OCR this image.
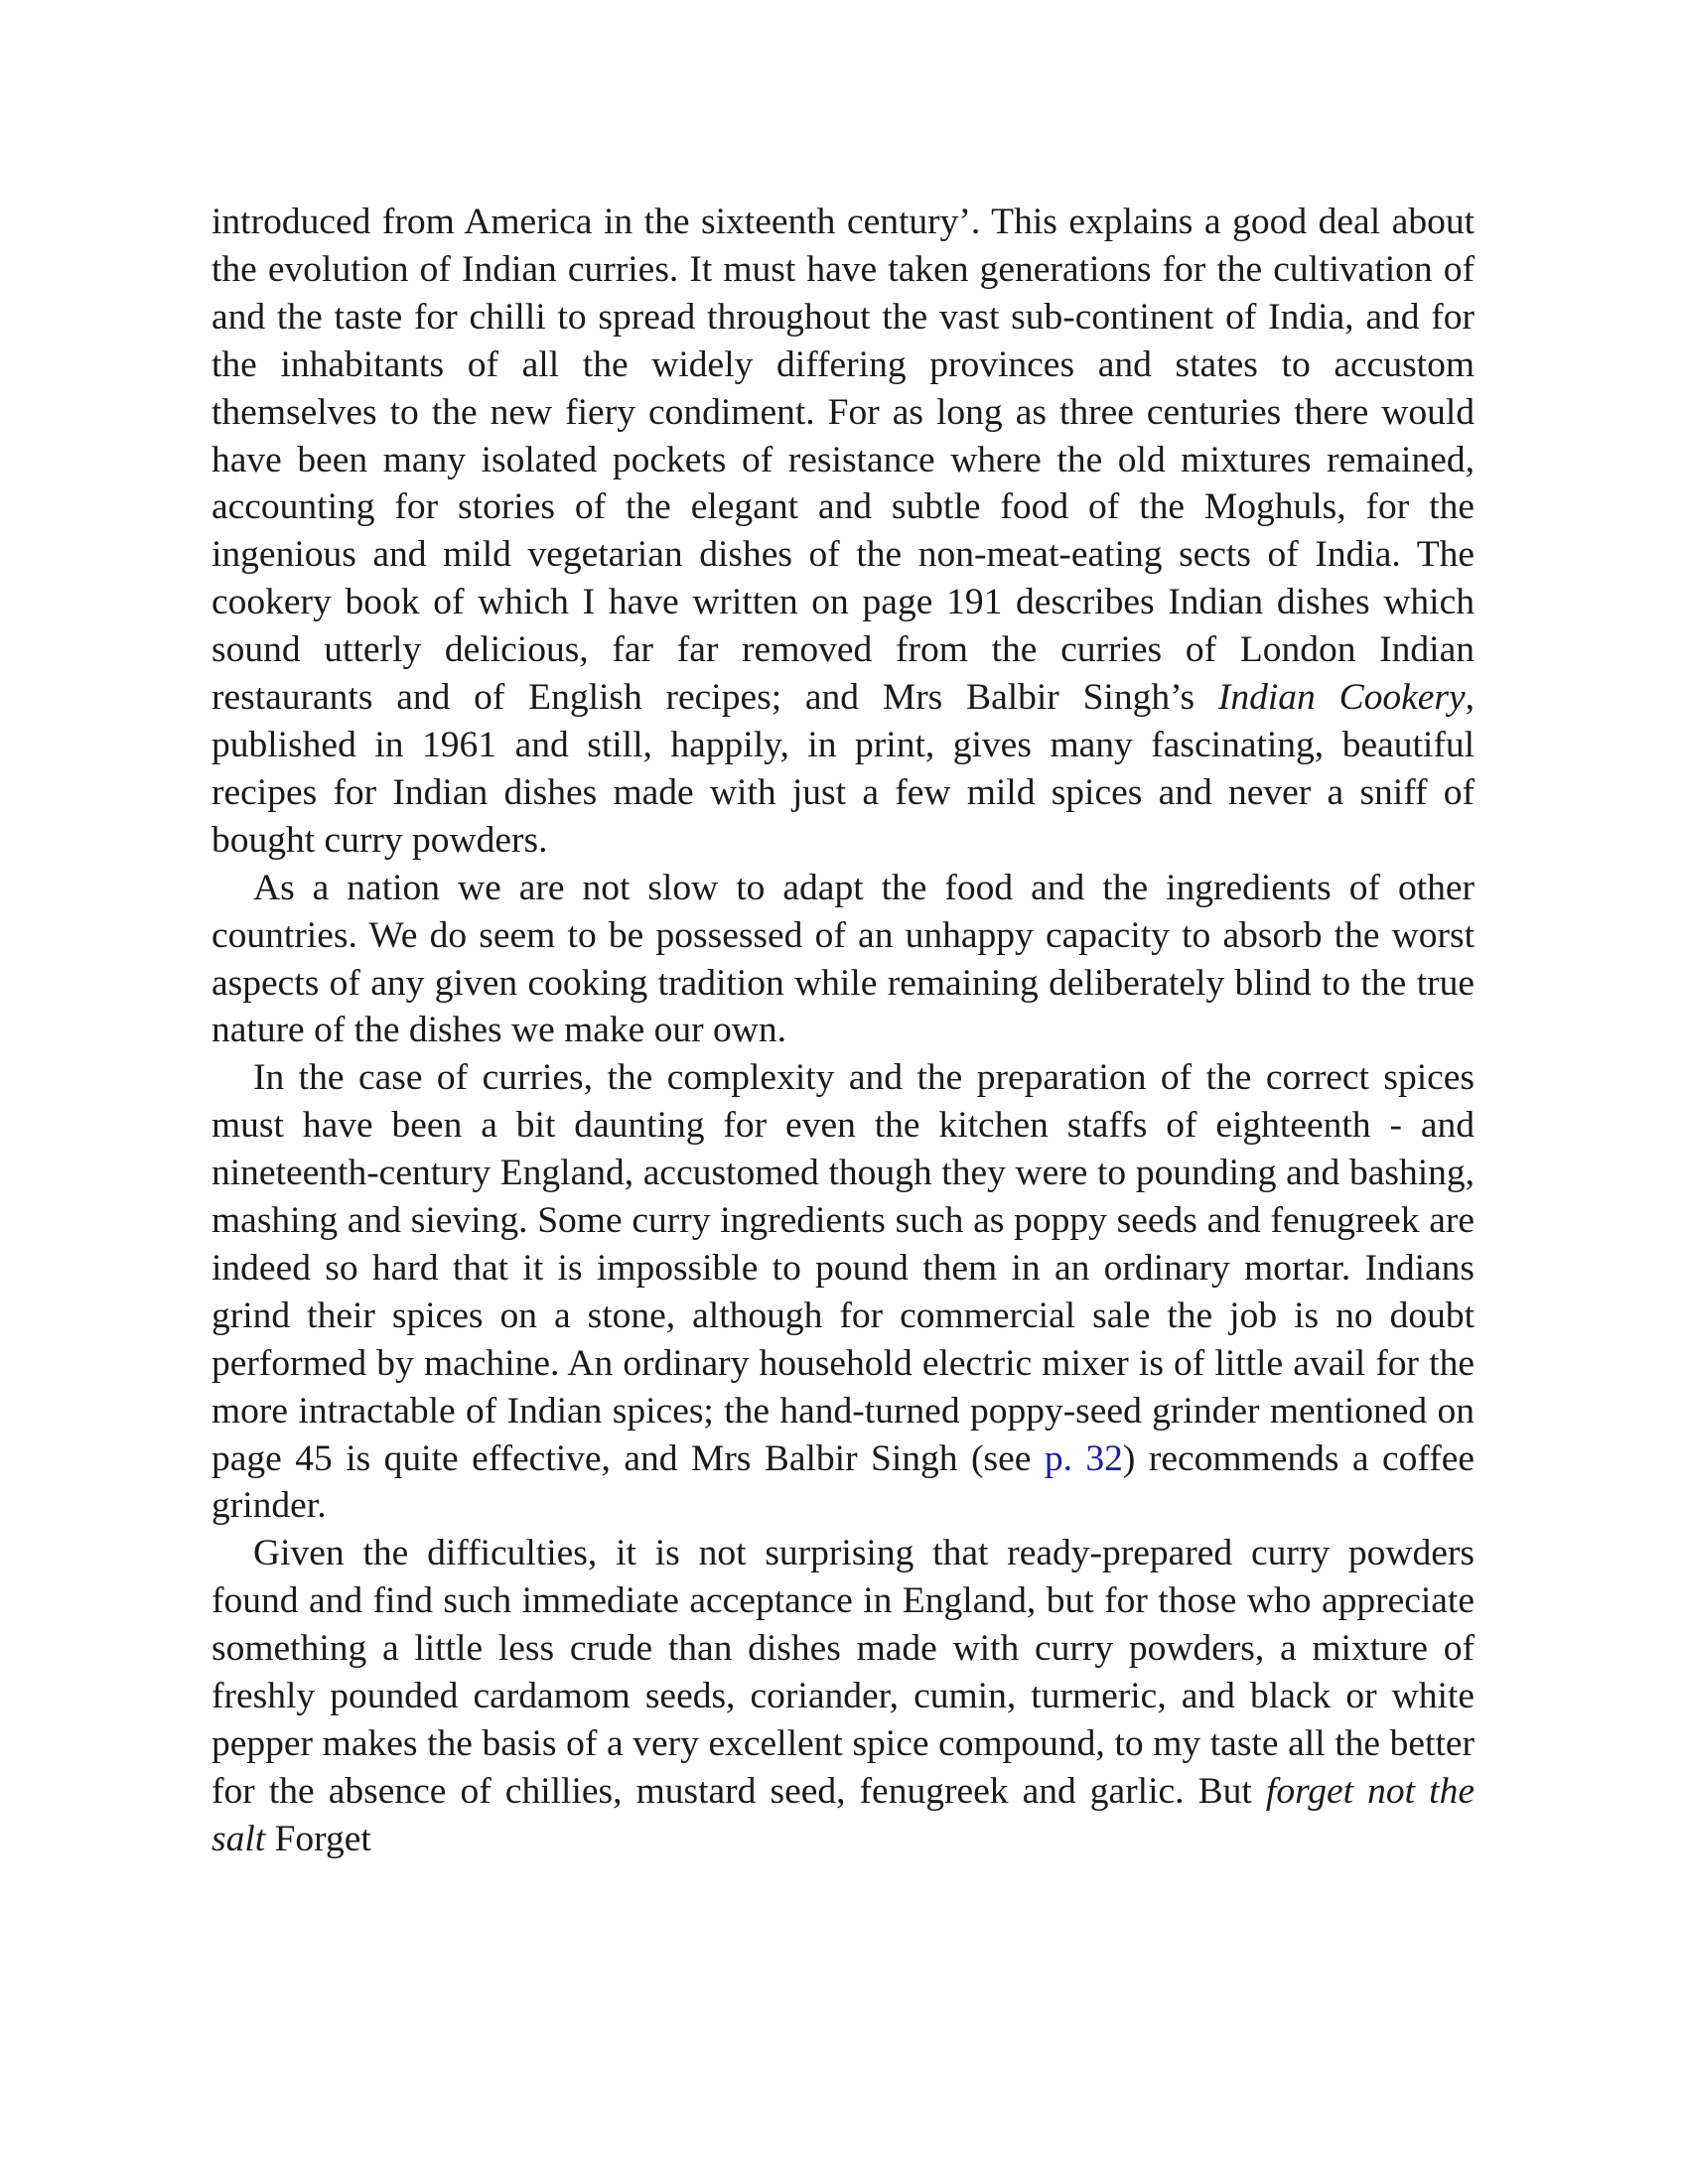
introduced from America in the sixteenth century’. This explains a good deal about the evolution of Indian curries. It must have taken generations for the cultivation of and the taste for chilli to spread throughout the vast sub-continent of India, and for the inhabitants of all the widely differing provinces and states to accustom themselves to the new fiery condiment. For as long as three centuries there would have been many isolated pockets of resistance where the old mixtures remained, accounting for stories of the elegant and subtle food of the Moghuls, for the ingenious and mild vegetarian dishes of the non-meat-eating sects of India. The cookery book of which I have written on page 191 describes Indian dishes which sound utterly delicious, far far removed from the curries of London Indian restaurants and of English recipes; and Mrs Balbir Singh’s Indian Cookery, published in 1961 and still, happily, in print, gives many fascinating, beautiful recipes for Indian dishes made with just a few mild spices and never a sniff of bought curry powders.

As a nation we are not slow to adapt the food and the ingredients of other countries. We do seem to be possessed of an unhappy capacity to absorb the worst aspects of any given cooking tradition while remaining deliberately blind to the true nature of the dishes we make our own.

In the case of curries, the complexity and the preparation of the correct spices must have been a bit daunting for even the kitchen staffs of eighteenth - and nineteenth-century England, accustomed though they were to pounding and bashing, mashing and sieving. Some curry ingredients such as poppy seeds and fenugreek are indeed so hard that it is impossible to pound them in an ordinary mortar. Indians grind their spices on a stone, although for commercial sale the job is no doubt performed by machine. An ordinary household electric mixer is of little avail for the more intractable of Indian spices; the hand-turned poppy-seed grinder mentioned on page 45 is quite effective, and Mrs Balbir Singh (see p. 32) recommends a coffee grinder.

Given the difficulties, it is not surprising that ready-prepared curry powders found and find such immediate acceptance in England, but for those who appreciate something a little less crude than dishes made with curry powders, a mixture of freshly pounded cardamom seeds, coriander, cumin, turmeric, and black or white pepper makes the basis of a very excellent spice compound, to my taste all the better for the absence of chillies, mustard seed, fenugreek and garlic. But forget not the salt Forget
